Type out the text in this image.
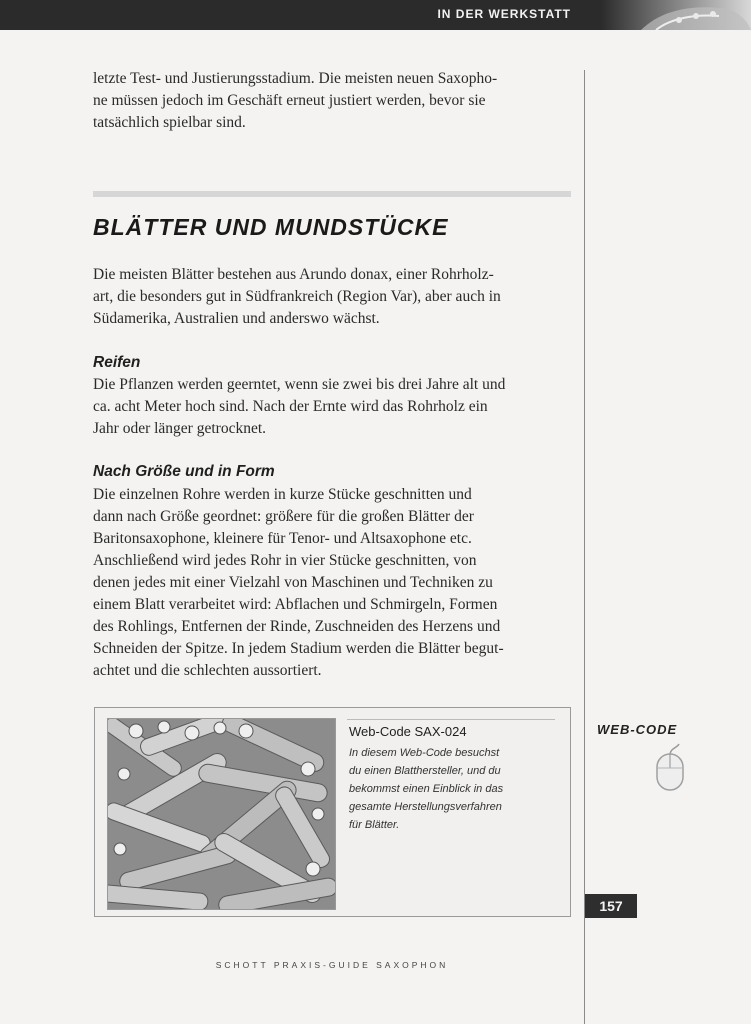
IN DER WERKSTATT

letzte Test- und Justierungsstadium. Die meisten neuen Saxopho-
ne müssen jedoch im Geschäft erneut justiert werden, bevor sie
tatsächlich spielbar sind.

BLÄTTER UND MUNDSTÜCKE

Die meisten Blätter bestehen aus Arundo donax, einer Rohrholz-
art, die besonders gut in Südfrankreich (Region Var), aber auch in
Südamerika, Australien und anderswo wächst.

Reifen

Die Pflanzen werden geerntet, wenn sie zwei bis drei Jahre alt und
ca. acht Meter hoch sind. Nach der Ernte wird das Rohrholz ein
Jahr oder länger getrocknet.

Nach Größe und in Form

Die einzelnen Rohre werden in kurze Stücke geschnitten und
dann nach Größe geordnet: größere für die großen Blätter der
Baritonsaxophone, kleinere für Tenor- und Altsaxophone etc.
Anschließend wird jedes Rohr in vier Stücke geschnitten, von
denen jedes mit einer Vielzahl von Maschinen und Techniken zu
einem Blatt verarbeitet wird: Abflachen und Schmirgeln, Formen
des Rohlings, Entfernen der Rinde, Zuschneiden des Herzens und
Schneiden der Spitze. In jedem Stadium werden die Blätter begut-
achtet und die schlechten aussortiert.

Web-Code SAX-024

In diesem Web-Code besuchst
du einen Blatthersteller, und du
bekommst einen Einblick in das
gesamte Herstellungsverfahren
für Blätter.

WEB-CODE
157
SCHOTT PRAXIS-GUIDE SAXOPHON
